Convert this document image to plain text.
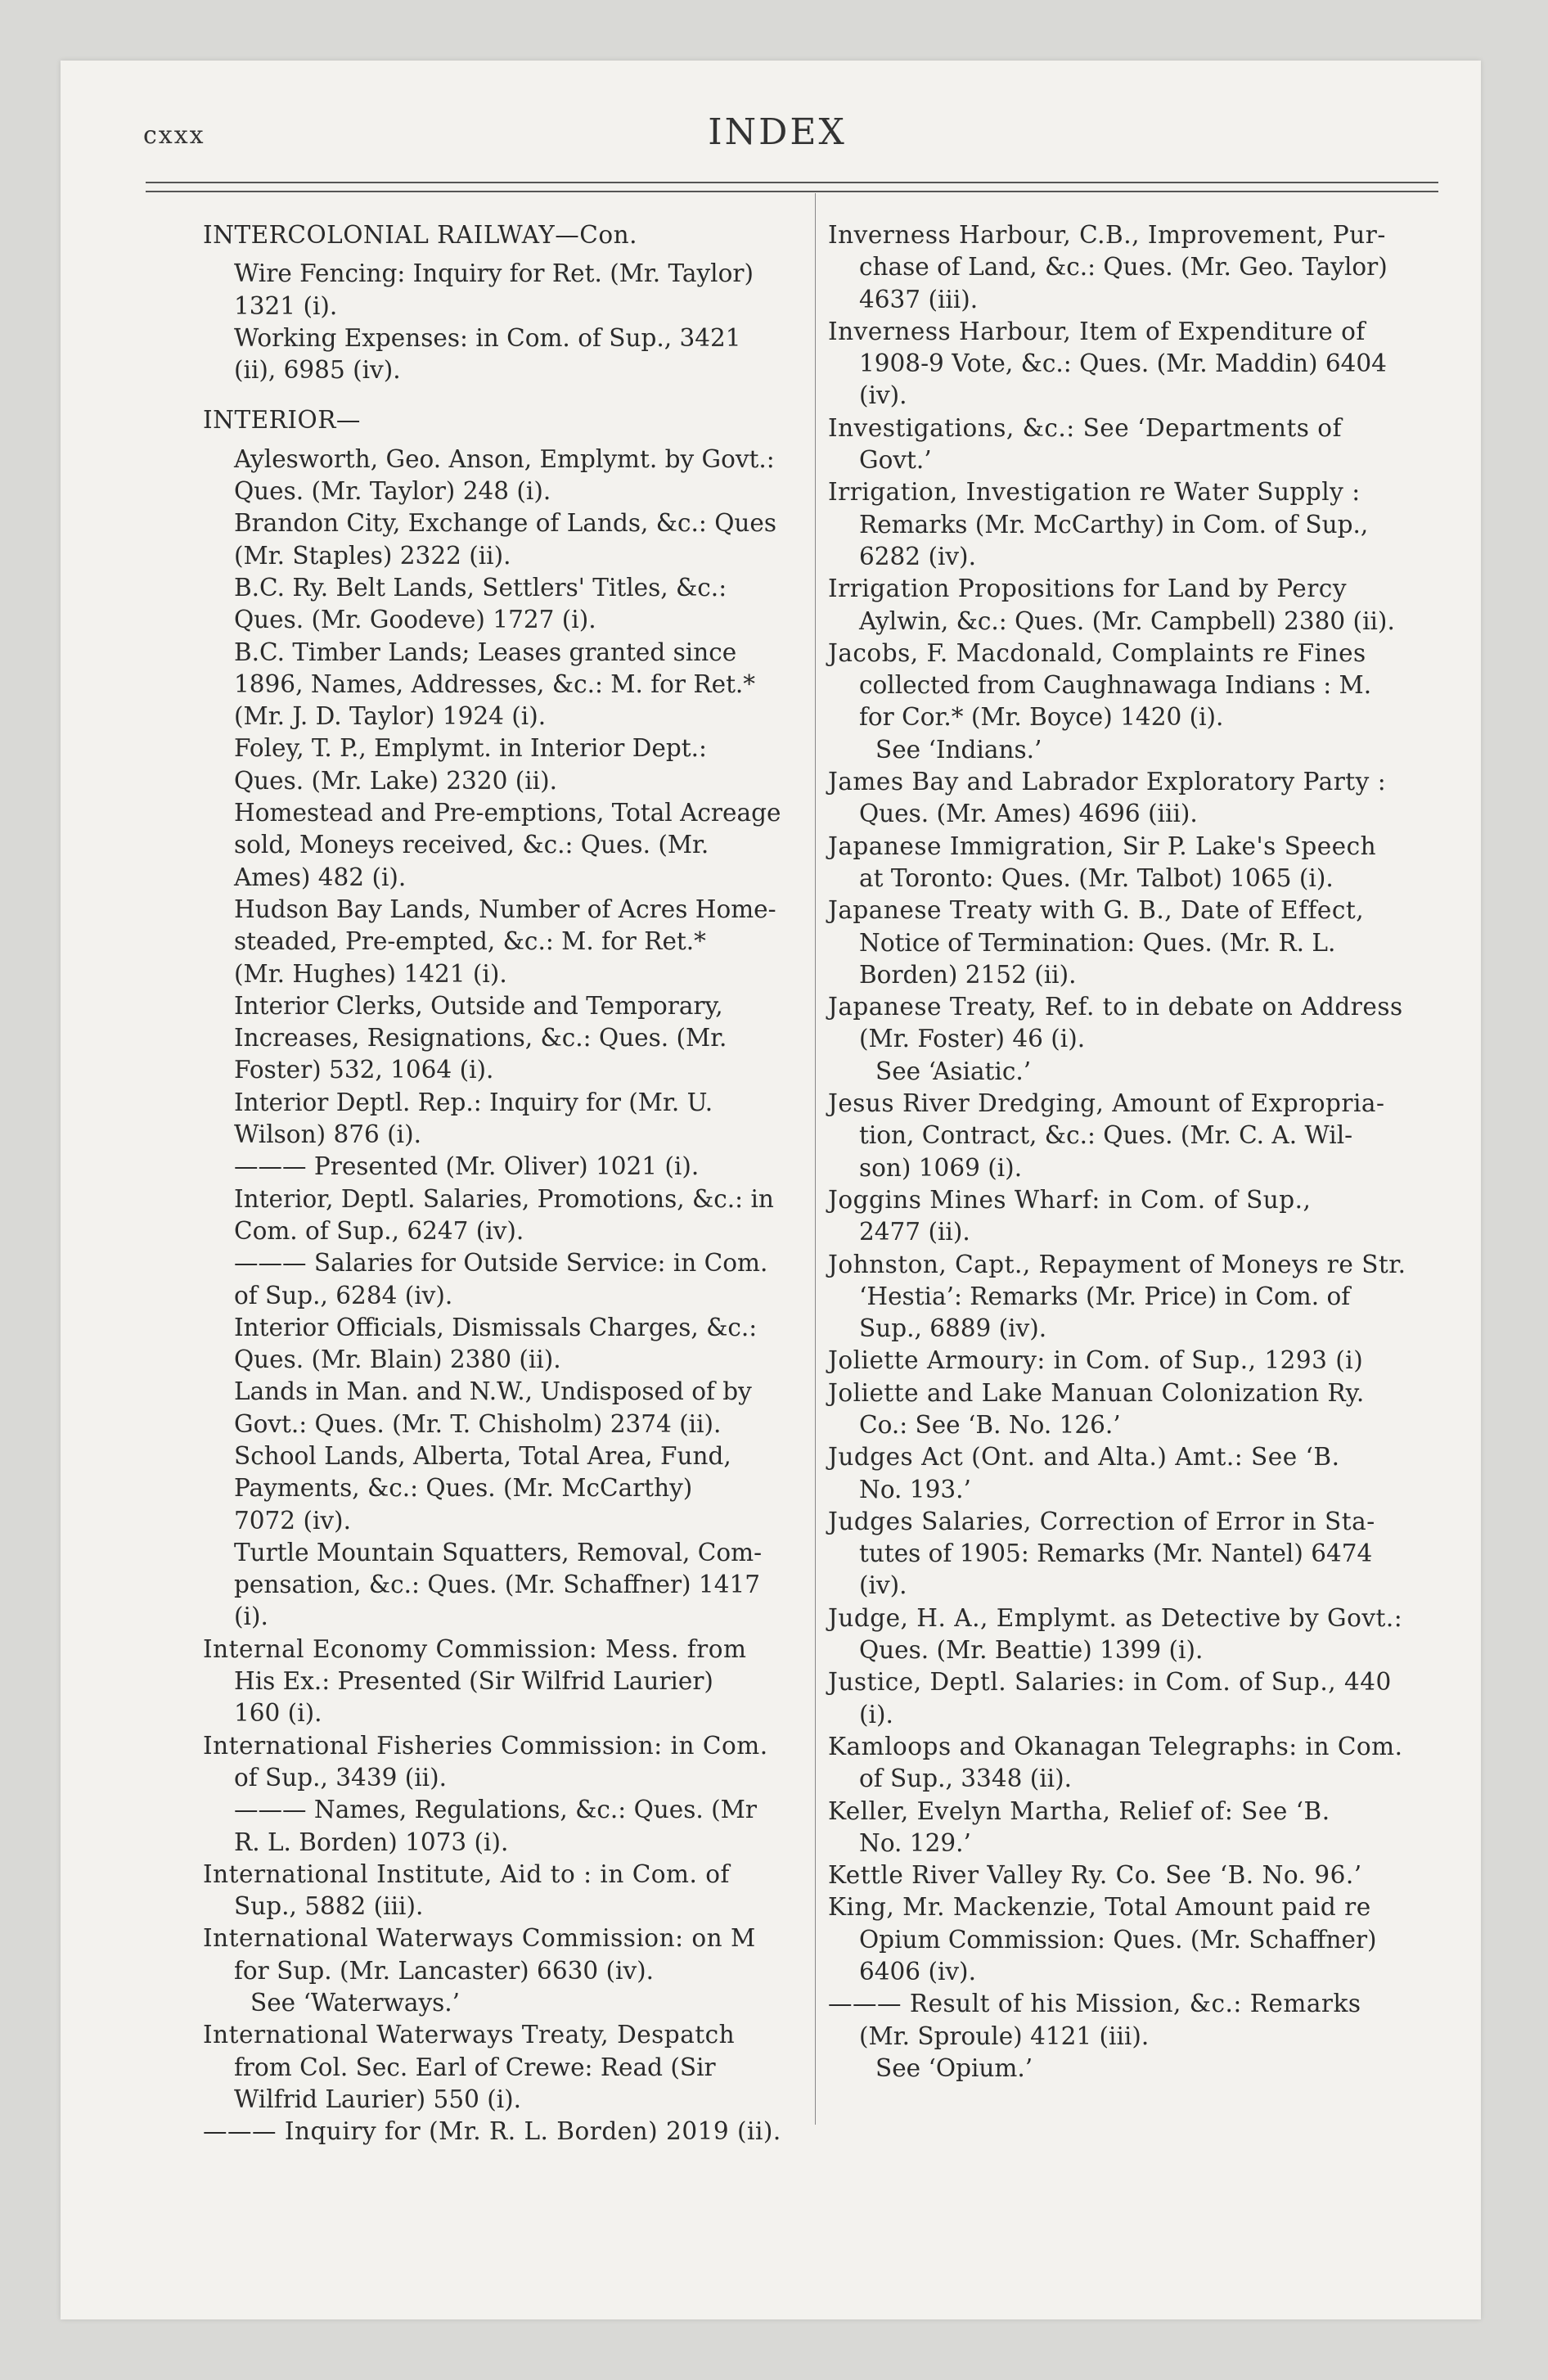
cxxx	INDEX
INTERCOLONIAL RAILWAY—Con.
Wire Fencing: Inquiry for Ret. (Mr. Taylor)
1321 (i).
Working Expenses: in Com. of Sup., 3421
(ii), 6985 (iv).
INTERIOR—
Aylesworth, Geo. Anson, Emplymt. by Govt.:
Ques. (Mr. Taylor) 248 (i).
Brandon City, Exchange of Lands, &c.: Ques
(Mr. Staples) 2322 (ii).
B.C. Ry. Belt Lands, Settlers' Titles, &c.:
Ques. (Mr. Goodeve) 1727 (i).
B.C. Timber Lands; Leases granted since
1896, Names, Addresses, &c.: M. for Ret.*
(Mr. J. D. Taylor) 1924 (i).
Foley, T. P., Emplymt. in Interior Dept.:
Ques. (Mr. Lake) 2320 (ii).
Homestead and Pre-emptions, Total Acreage
sold, Moneys received, &c.: Ques. (Mr.
Ames) 482 (i).
Hudson Bay Lands, Number of Acres Home-
steaded, Pre-empted, &c.: M. for Ret.*
(Mr. Hughes) 1421 (i).
Interior Clerks, Outside and Temporary,
Increases, Resignations, &c.: Ques. (Mr.
Foster) 532, 1064 (i).
Interior Deptl. Rep.: Inquiry for (Mr. U.
Wilson) 876 (i).
——— Presented (Mr. Oliver) 1021 (i).
Interior, Deptl. Salaries, Promotions, &c.: in
Com. of Sup., 6247 (iv).
——— Salaries for Outside Service: in Com.
of Sup., 6284 (iv).
Interior Officials, Dismissals Charges, &c.:
Ques. (Mr. Blain) 2380 (ii).
Lands in Man. and N.W., Undisposed of by
Govt.: Ques. (Mr. T. Chisholm) 2374 (ii).
School Lands, Alberta, Total Area, Fund,
Payments, &c.: Ques. (Mr. McCarthy)
7072 (iv).
Turtle Mountain Squatters, Removal, Com-
pensation, &c.: Ques. (Mr. Schaffner) 1417
(i).
Internal Economy Commission: Mess. from
His Ex.: Presented (Sir Wilfrid Laurier)
160 (i).
International Fisheries Commission: in Com.
of Sup., 3439 (ii).
——— Names, Regulations, &c.: Ques. (Mr
R. L. Borden) 1073 (i).
International Institute, Aid to : in Com. of
Sup., 5882 (iii).
International Waterways Commission: on M
for Sup. (Mr. Lancaster) 6630 (iv).
See ‘Waterways.’
International Waterways Treaty, Despatch
from Col. Sec. Earl of Crewe: Read (Sir
Wilfrid Laurier) 550 (i).
——— Inquiry for (Mr. R. L. Borden) 2019 (ii).
Inverness Harbour, C.B., Improvement, Pur-
chase of Land, &c.: Ques. (Mr. Geo. Taylor)
4637 (iii).
Inverness Harbour, Item of Expenditure of
1908-9 Vote, &c.: Ques. (Mr. Maddin) 6404
(iv).
Investigations, &c.: See ‘Departments of
Govt.’
Irrigation, Investigation re Water Supply :
Remarks (Mr. McCarthy) in Com. of Sup.,
6282 (iv).
Irrigation Propositions for Land by Percy
Aylwin, &c.: Ques. (Mr. Campbell) 2380 (ii).
Jacobs, F. Macdonald, Complaints re Fines
collected from Caughnawaga Indians : M.
for Cor.* (Mr. Boyce) 1420 (i).
See ‘Indians.’
James Bay and Labrador Exploratory Party :
Ques. (Mr. Ames) 4696 (iii).
Japanese Immigration, Sir P. Lake's Speech
at Toronto: Ques. (Mr. Talbot) 1065 (i).
Japanese Treaty with G. B., Date of Effect,
Notice of Termination: Ques. (Mr. R. L.
Borden) 2152 (ii).
Japanese Treaty, Ref. to in debate on Address
(Mr. Foster) 46 (i).
See ‘Asiatic.’
Jesus River Dredging, Amount of Expropria-
tion, Contract, &c.: Ques. (Mr. C. A. Wil-
son) 1069 (i).
Joggins Mines Wharf: in Com. of Sup.,
2477 (ii).
Johnston, Capt., Repayment of Moneys re Str.
‘Hestia’: Remarks (Mr. Price) in Com. of
Sup., 6889 (iv).
Joliette Armoury: in Com. of Sup., 1293 (i)
Joliette and Lake Manuan Colonization Ry.
Co.: See ‘B. No. 126.’
Judges Act (Ont. and Alta.) Amt.: See ‘B.
No. 193.’
Judges Salaries, Correction of Error in Sta-
tutes of 1905: Remarks (Mr. Nantel) 6474
(iv).
Judge, H. A., Emplymt. as Detective by Govt.:
Ques. (Mr. Beattie) 1399 (i).
Justice, Deptl. Salaries: in Com. of Sup., 440
(i).
Kamloops and Okanagan Telegraphs: in Com.
of Sup., 3348 (ii).
Keller, Evelyn Martha, Relief of: See ‘B.
No. 129.’
Kettle River Valley Ry. Co. See ‘B. No. 96.’
King, Mr. Mackenzie, Total Amount paid re
Opium Commission: Ques. (Mr. Schaffner)
6406 (iv).
——— Result of his Mission, &c.: Remarks
(Mr. Sproule) 4121 (iii).
See ‘Opium.’
